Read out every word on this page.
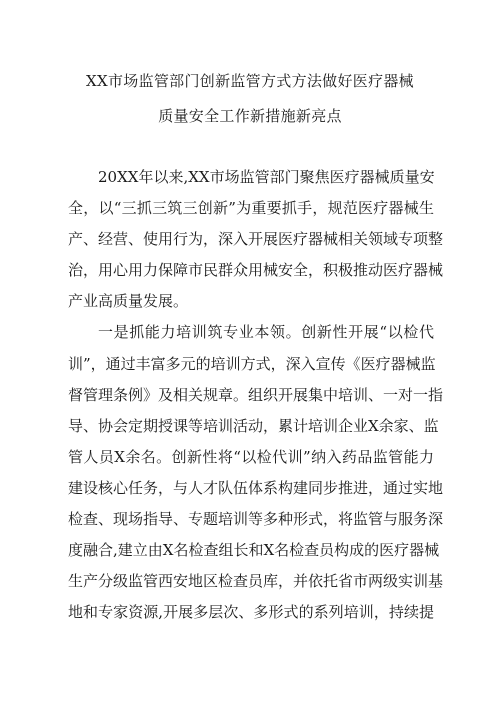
XX市场监管部门创新监管方式方法做好医疗器械
质量安全工作新措施新亮点
20XX年以来,XX市场监管部门聚焦医疗器械质量安
全，以“三抓三筑三创新”为重要抓手，规范医疗器械生
产、经营、使用行为，深入开展医疗器械相关领域专项整
治，用心用力保障市民群众用械安全，积极推动医疗器械
产业高质量发展。
一是抓能力培训筑专业本领。创新性开展“以检代
训”，通过丰富多元的培训方式，深入宣传《医疗器械监
督管理条例》及相关规章。组织开展集中培训、一对一指
导、协会定期授课等培训活动，累计培训企业X余家、监
管人员X余名。创新性将“以检代训”纳入药品监管能力
建设核心任务，与人才队伍体系构建同步推进，通过实地
检查、现场指导、专题培训等多种形式，将监管与服务深
度融合,建立由X名检查组长和X名检查员构成的医疗器械
生产分级监管西安地区检查员库，并依托省市两级实训基
地和专家资源,开展多层次、多形式的系列培训，持续提
